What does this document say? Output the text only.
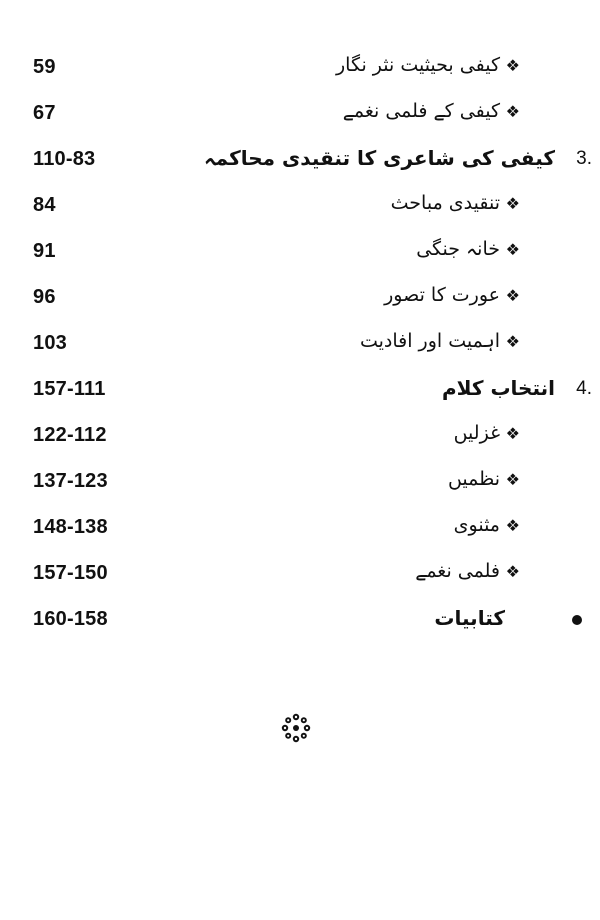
59	کیفی بحیثیت نثر نگار ❖
67	کیفی کے فلمی نغمے ❖
110-83	کیفی کی شاعری کا تنقیدی محاکمہ 3.
84	تنقیدی مباحث ❖
91	خانہ جنگی ❖
96	عورت کا تصور ❖
103	اہمیت اور افادیت ❖
157-111	انتخاب کلام 4.
122-112	غزلیں ❖
137-123	نظمیں ❖
148-138	مثنوی ❖
157-150	فلمی نغمے ❖
160-158	کتابیات
